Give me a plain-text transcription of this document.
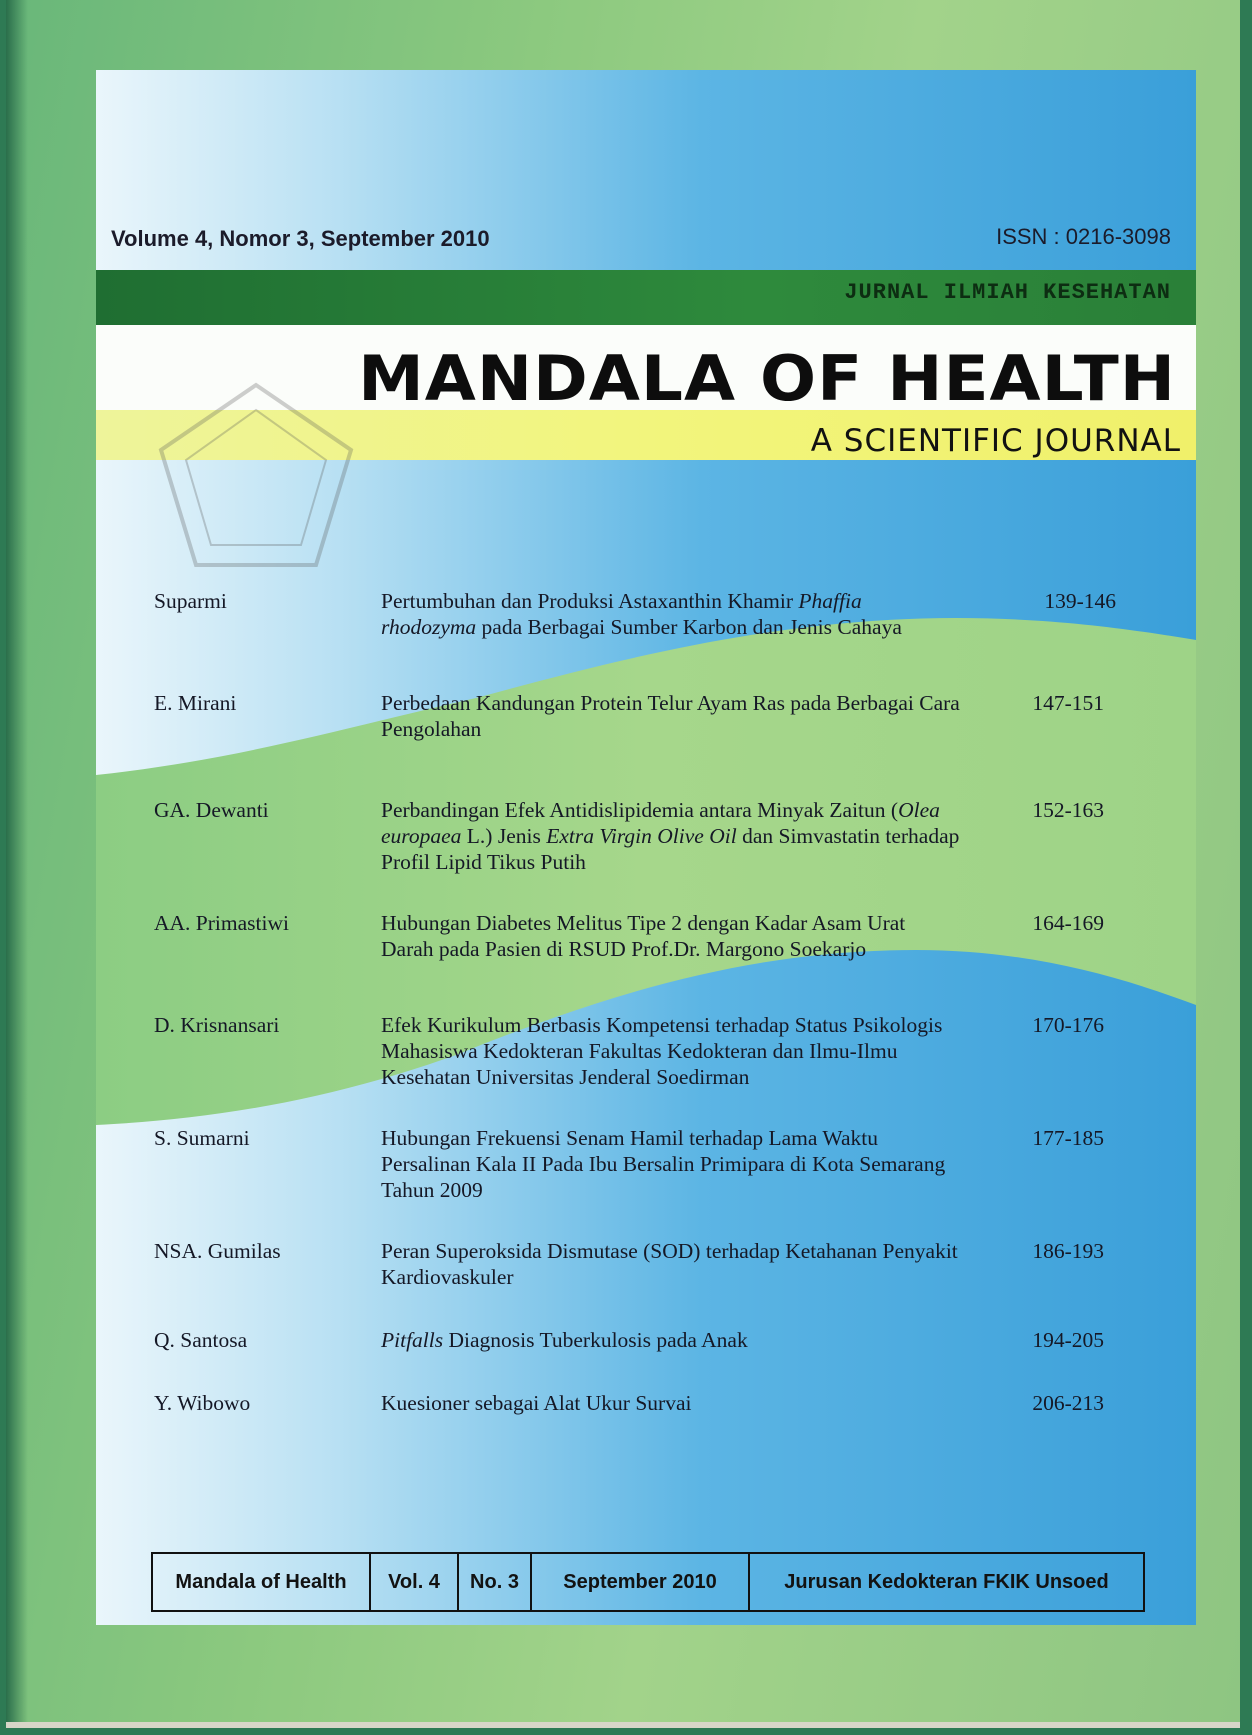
Volume 4, Nomor 3, September 2010	ISSN : 0216-3098
JURNAL ILMIAH KESEHATAN
MANDALA OF HEALTH
A SCIENTIFIC JOURNAL
Suparmi	Pertumbuhan dan Produksi Astaxanthin Khamir Phaffia rhodozyma pada Berbagai Sumber Karbon dan Jenis Cahaya
139-146
E. Mirani	Perbedaan Kandungan Protein Telur Ayam Ras pada Berbagai Cara Pengolahan
147-151
GA. Dewanti	Perbandingan Efek Antidislipidemia antara Minyak Zaitun (Olea europaea L.) Jenis Extra Virgin Olive Oil dan Simvastatin terhadap Profil Lipid Tikus Putih
152-163
AA. Primastiwi	Hubungan Diabetes Melitus Tipe 2 dengan Kadar Asam Urat Darah pada Pasien di RSUD Prof.Dr. Margono Soekarjo
164-169
D. Krisnansari	Efek Kurikulum Berbasis Kompetensi terhadap Status Psikologis Mahasiswa Kedokteran Fakultas Kedokteran dan Ilmu-Ilmu Kesehatan Universitas Jenderal Soedirman
170-176
S. Sumarni	Hubungan Frekuensi Senam Hamil terhadap Lama Waktu Persalinan Kala II Pada Ibu Bersalin Primipara di Kota Semarang Tahun 2009
177-185
NSA. Gumilas	Peran Superoksida Dismutase (SOD) terhadap Ketahanan Penyakit Kardiovaskuler
186-193
Q. Santosa	Pitfalls Diagnosis Tuberkulosis pada Anak	194-205
Y. Wibowo	Kuesioner sebagai Alat Ukur Survai	206-213
Mandala of Health	Vol. 4	No. 3	September 2010	Jurusan Kedokteran FKIK Unsoed
